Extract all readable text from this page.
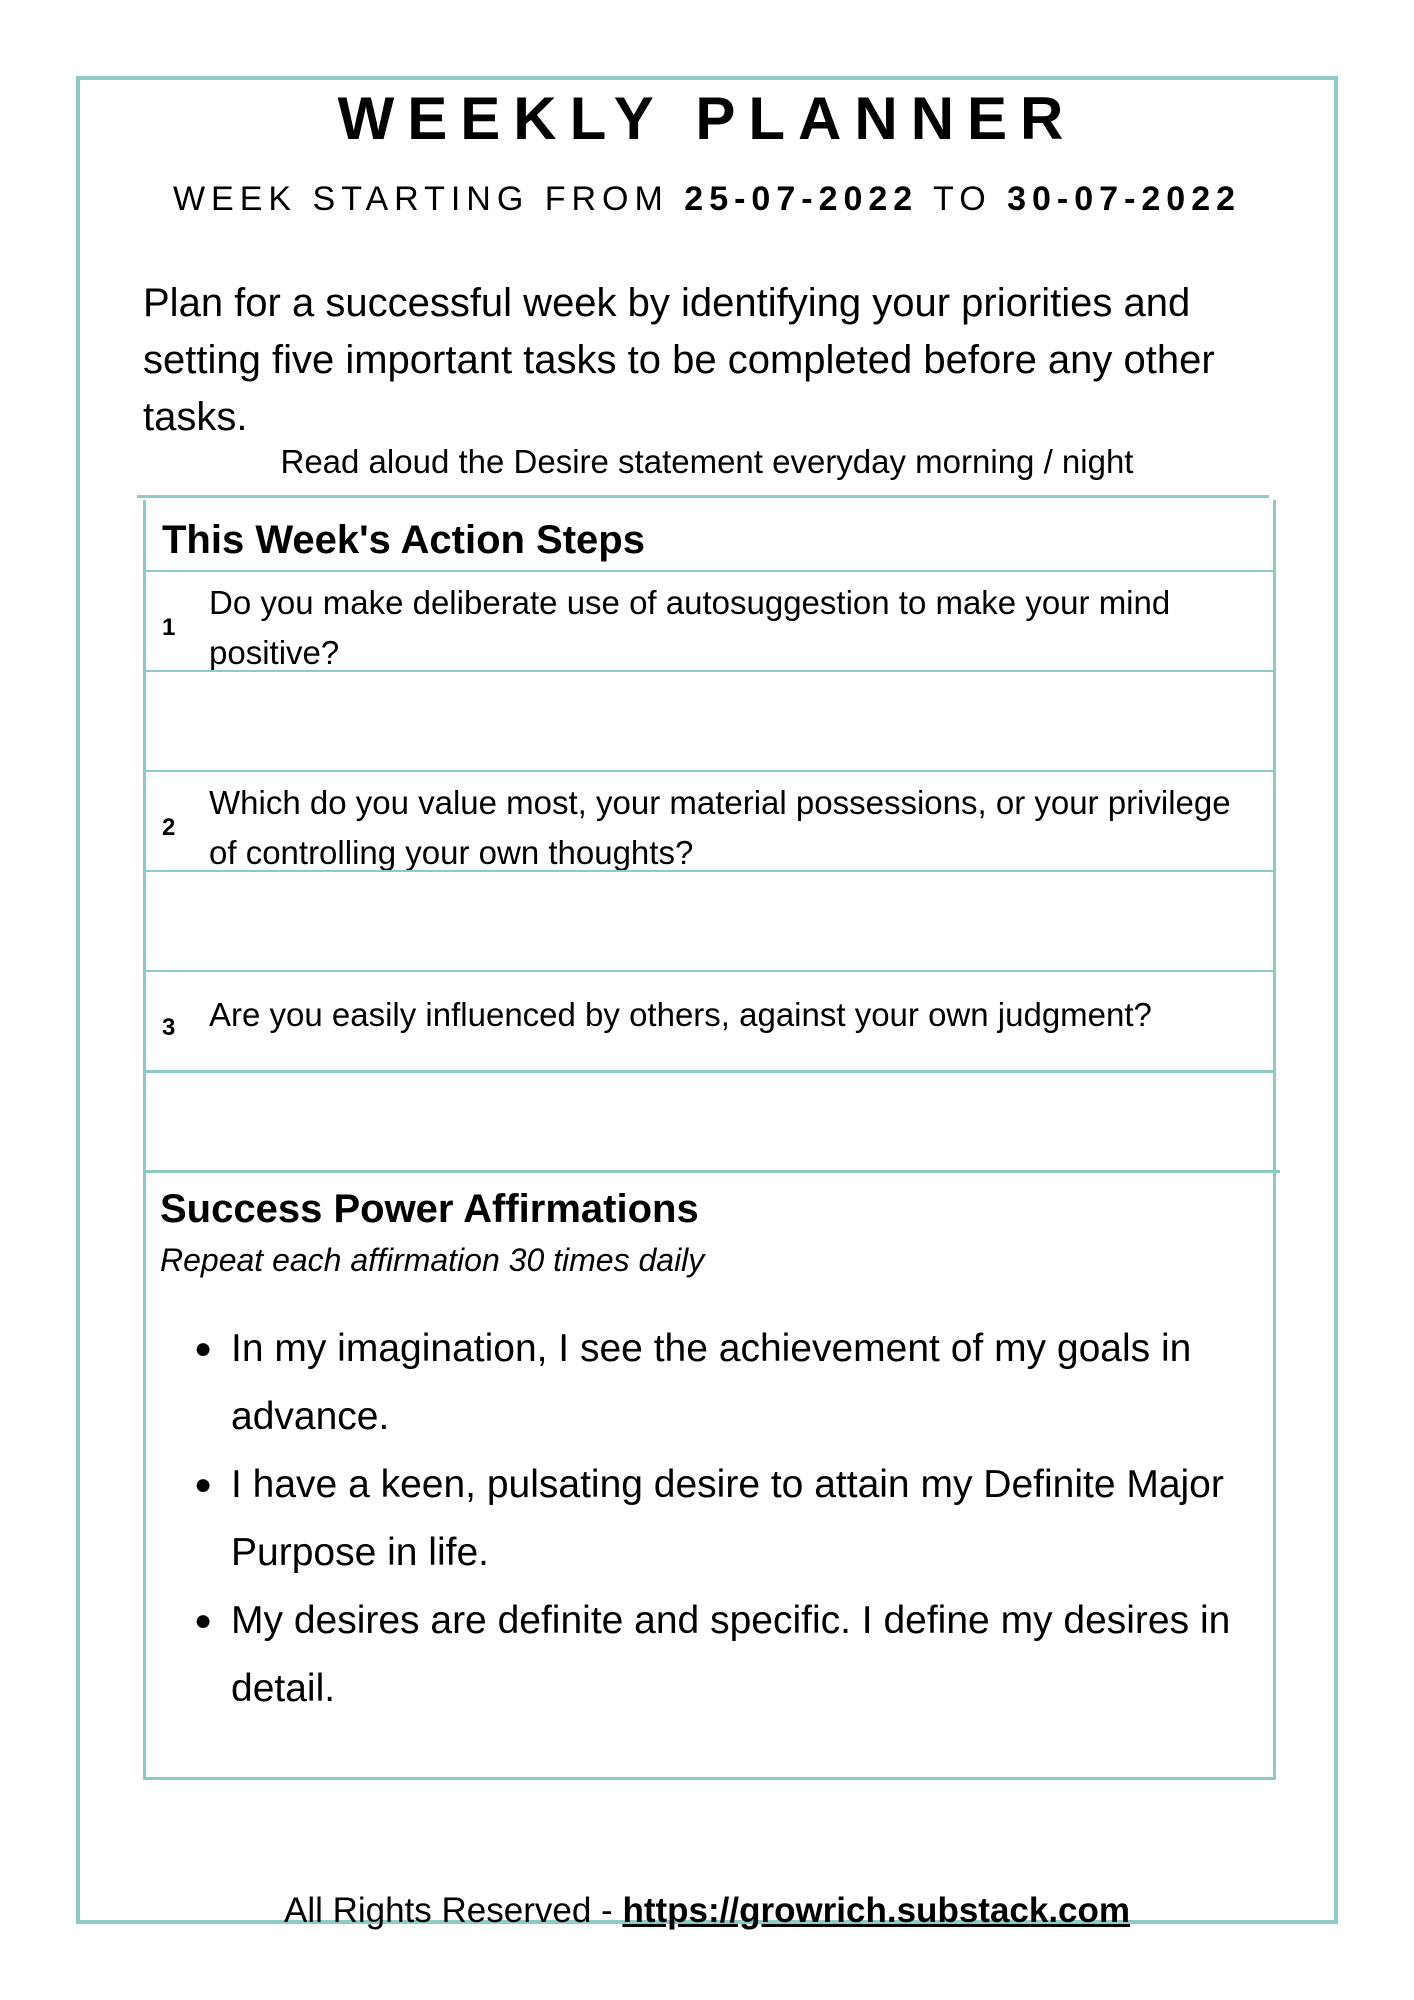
WEEKLY PLANNER
WEEK STARTING FROM 25-07-2022 TO 30-07-2022
Plan for a successful week by identifying your priorities and setting five important tasks to be completed before any other tasks.
Read aloud the Desire statement everyday morning / night
This Week's Action Steps
1
Do you make deliberate use of autosuggestion to make your mind positive?
2
Which do you value most, your material possessions, or your privilege of controlling your own thoughts?
3 Are you easily influenced by others, against your own judgment?
Success Power Affirmations
Repeat each affirmation 30 times daily
● In my imagination, I see the achievement of my goals in advance.
● I have a keen, pulsating desire to attain my Definite Major Purpose in life.
● My desires are definite and specific. I define my desires in detail.
All Rights Reserved - https://growrich.substack.com
